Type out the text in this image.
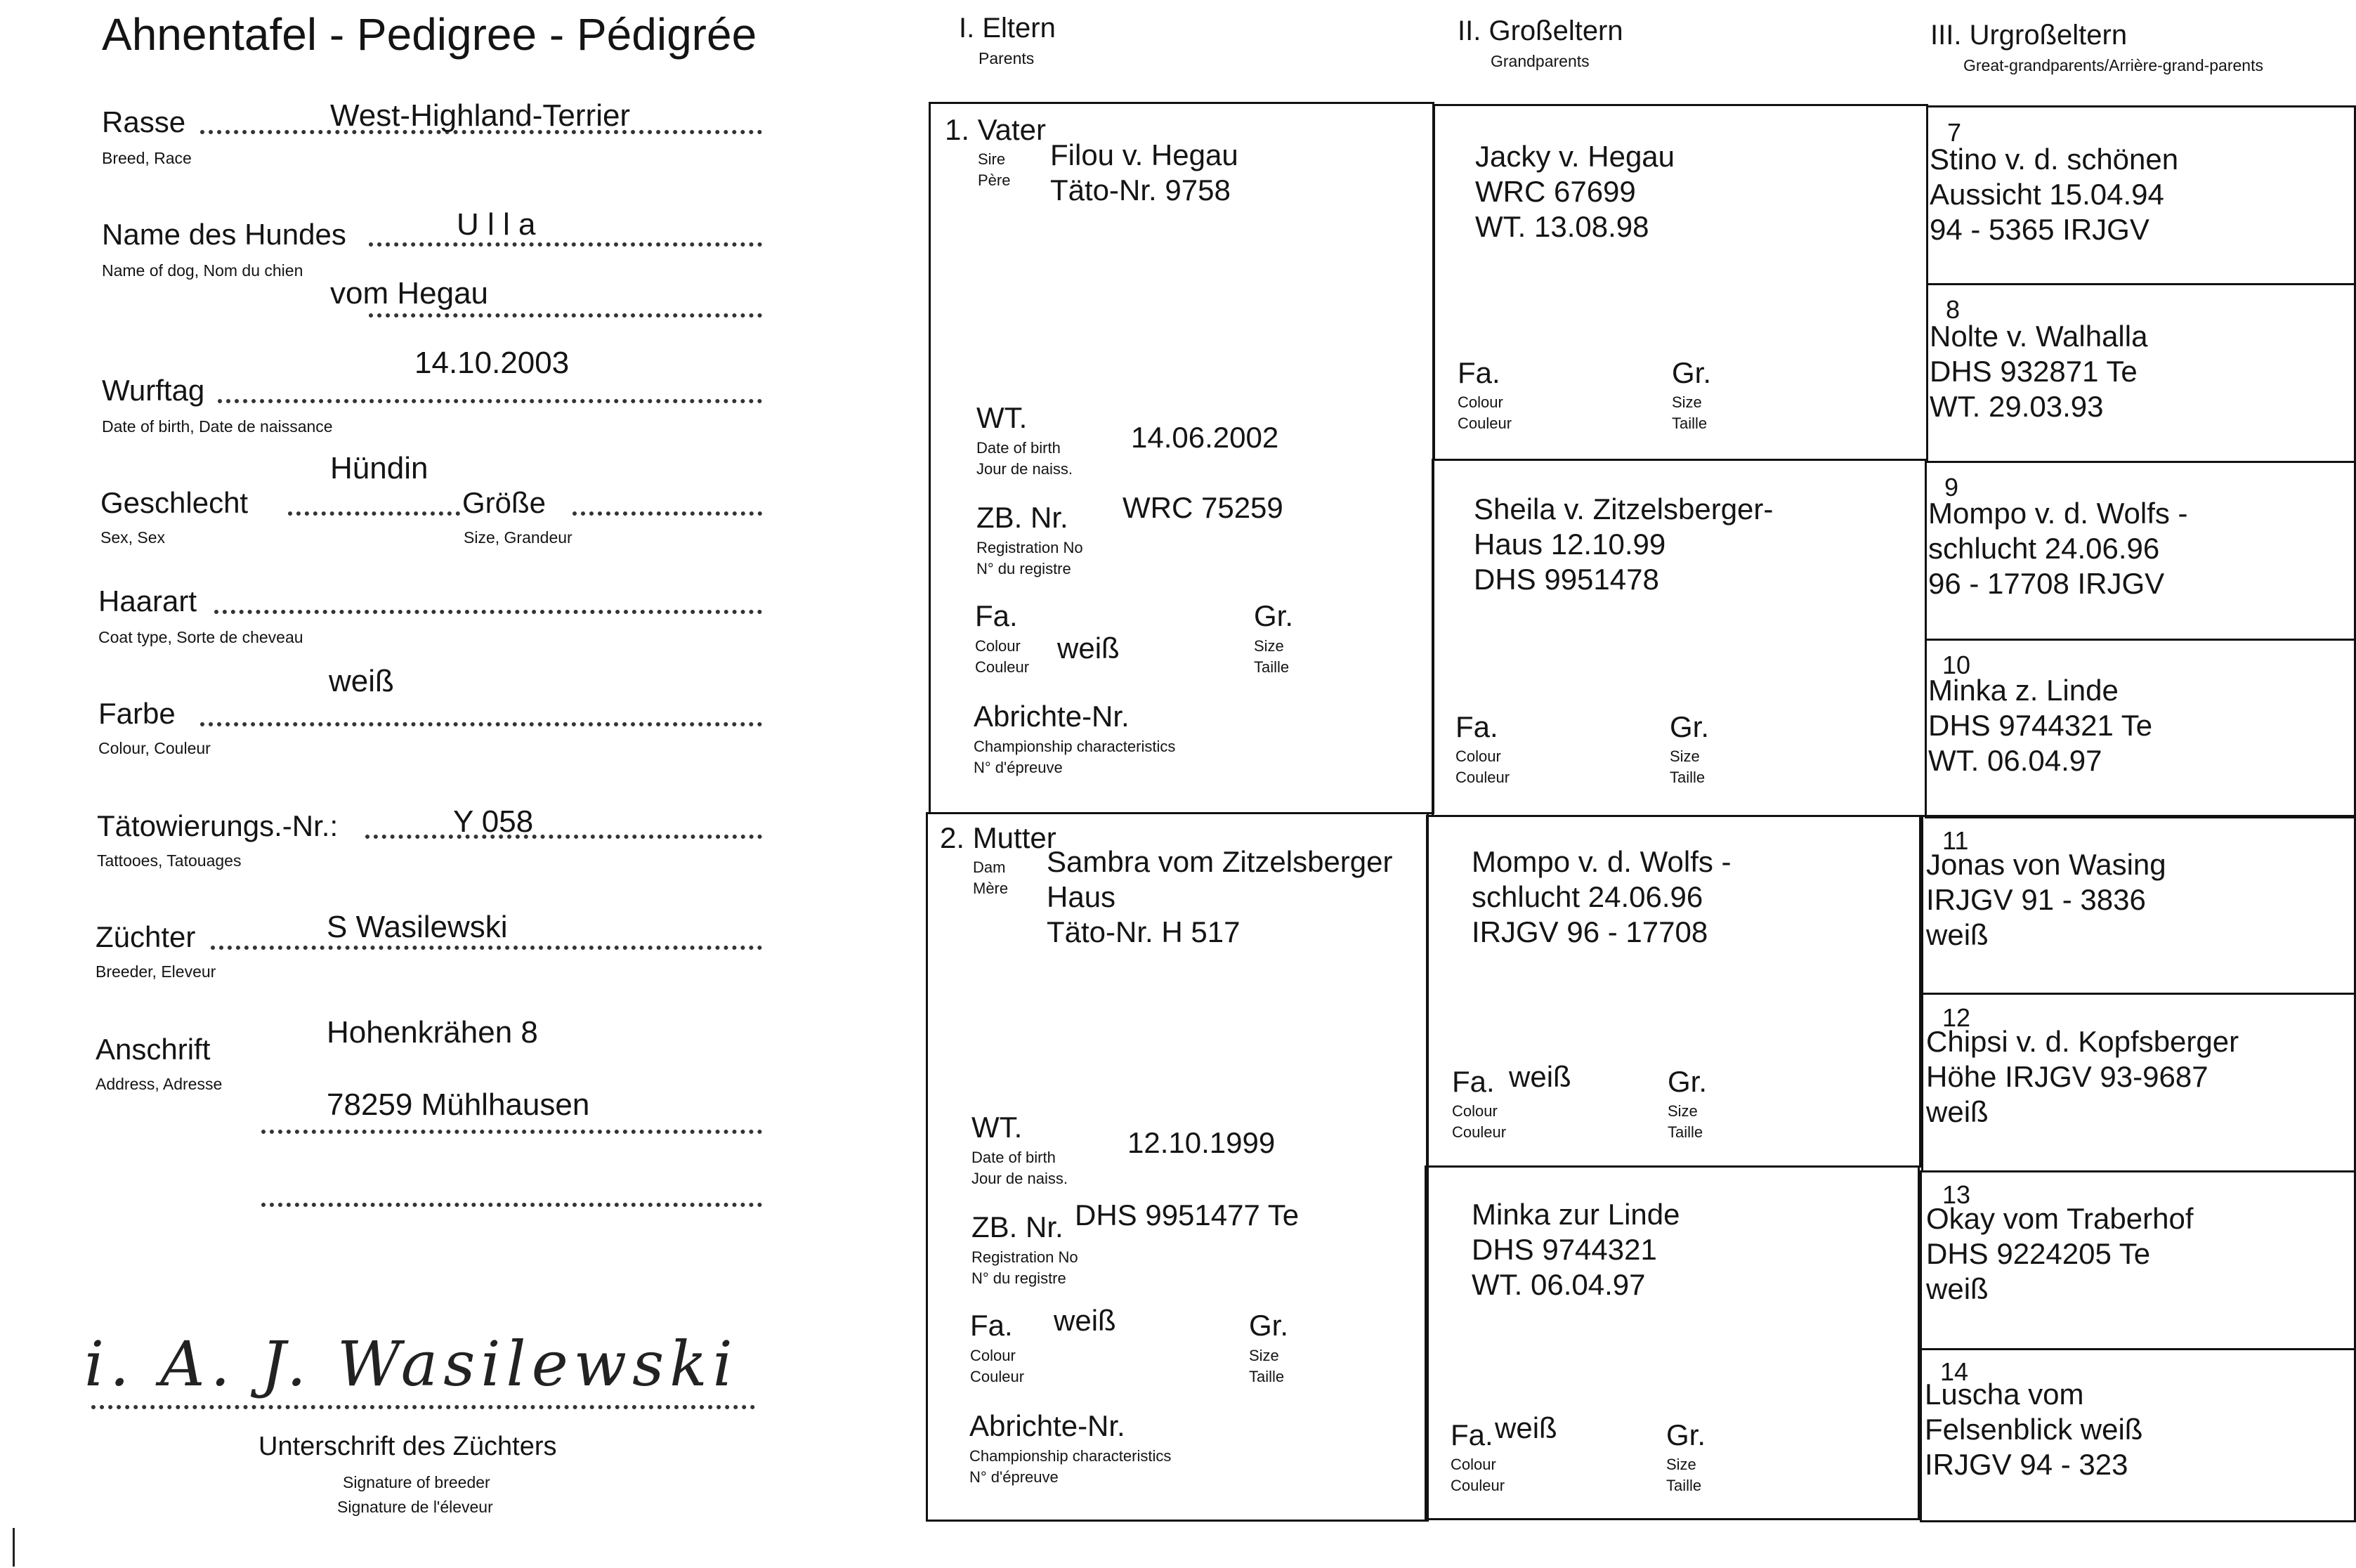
Ahnentafel - Pedigree - Pédigrée
Rasse
Breed, Race
West-Highland-Terrier
Name des Hundes
Name of dog, Nom du chien
U l l a
vom Hegau
14.10.2003
Wurftag
Date of birth, Date de naissance
Hündin
Geschlecht
Sex, Sex
Größe
Size, Grandeur
Haarart
Coat type, Sorte de cheveau
weiß
Farbe
Colour, Couleur
Tätowierungs.-Nr.:
Tattooes, Tatouages
Y 058
Züchter
Breeder, Eleveur
S Wasilewski
Hohenkrähen 8
Anschrift
Address, Adresse
78259 Mühlhausen
i. A. J. Wasilewski
Unterschrift des Züchters
Signature of breeder
Signature de l'éleveur
I. Eltern
Parents
II. Großeltern
Grandparents
III. Urgroßeltern
Great-grandparents/Arrière-grand-parents
1. Vater
Sire
Père
Filou v. Hegau
Täto-Nr. 9758
WT.
Date of birth
Jour de naiss.
14.06.2002
ZB. Nr.
Registration No
N° du registre
WRC 75259
Fa.
Colour
Couleur
weiß
Gr.
Size
Taille
Abrichte-Nr.
Championship characteristics
N° d'épreuve
2. Mutter
Dam
Mère
Sambra vom Zitzelsberger
Haus
Täto-Nr. H 517
WT.
Date of birth
Jour de naiss.
12.10.1999
ZB. Nr.
Registration No
N° du registre
DHS 9951477 Te
Fa.
Colour
Couleur
weiß	Gr.
Size
Taille
Abrichte-Nr.
Championship characteristics
N° d'épreuve
Jacky v. Hegau
WRC 67699
WT. 13.08.98
Fa.
Colour
Couleur
Gr.
Size
Taille
Sheila v. Zitzelsberger-
Haus 12.10.99
DHS 9951478
Fa.
Colour
Couleur
Gr.
Size
Taille
Mompo v. d. Wolfs -
schlucht 24.06.96
IRJGV 96 - 17708
Fa.
Colour
Couleur
weiß	Gr.
Size
Taille
Minka zur Linde
DHS 9744321
WT. 06.04.97
Fa.
Colour
Couleur
weiß	Gr.
Size
Taille
7
Stino v. d. schönen
Aussicht 15.04.94
94 - 5365 IRJGV
8
Nolte v. Walhalla
DHS 932871 Te
WT. 29.03.93
9
Mompo v. d. Wolfs -
schlucht 24.06.96
96 - 17708 IRJGV
10
Minka z. Linde
DHS 9744321 Te
WT. 06.04.97
11
Jonas von Wasing
IRJGV 91 - 3836
weiß
12
Chipsi v. d. Kopfsberger
Höhe IRJGV 93-9687
weiß
13
Okay vom Traberhof
DHS 9224205 Te
weiß
14
Luscha vom
Felsenblick weiß
IRJGV 94 - 323
